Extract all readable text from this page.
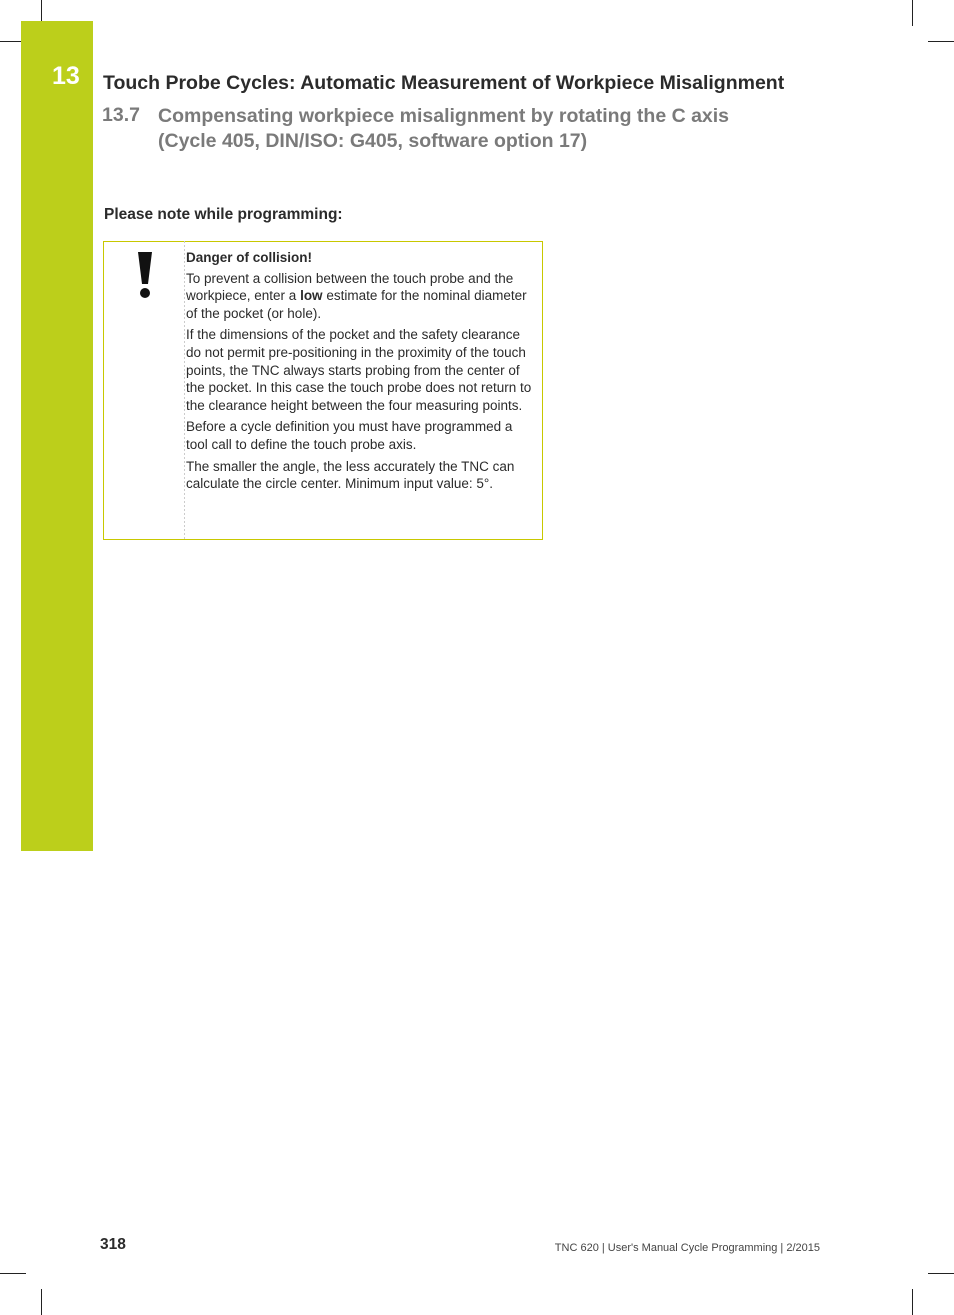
13 Touch Probe Cycles: Automatic Measurement of Workpiece Misalignment
13.7 Compensating workpiece misalignment by rotating the C axis
(Cycle 405, DIN/ISO: G405, software option 17)
Please note while programming:

Danger of collision!

To prevent a collision between the touch probe and the workpiece, enter a low estimate for the nominal diameter of the pocket (or hole).

If the dimensions of the pocket and the safety clearance do not permit pre-positioning in the proximity of the touch points, the TNC always starts probing from the center of the pocket. In this case the touch probe does not return to the clearance height between the four measuring points.

Before a cycle definition you must have programmed a tool call to define the touch probe axis.

The smaller the angle, the less accurately the TNC can calculate the circle center. Minimum input value: 5°.

318	TNC 620 | User's Manual Cycle Programming | 2/2015
